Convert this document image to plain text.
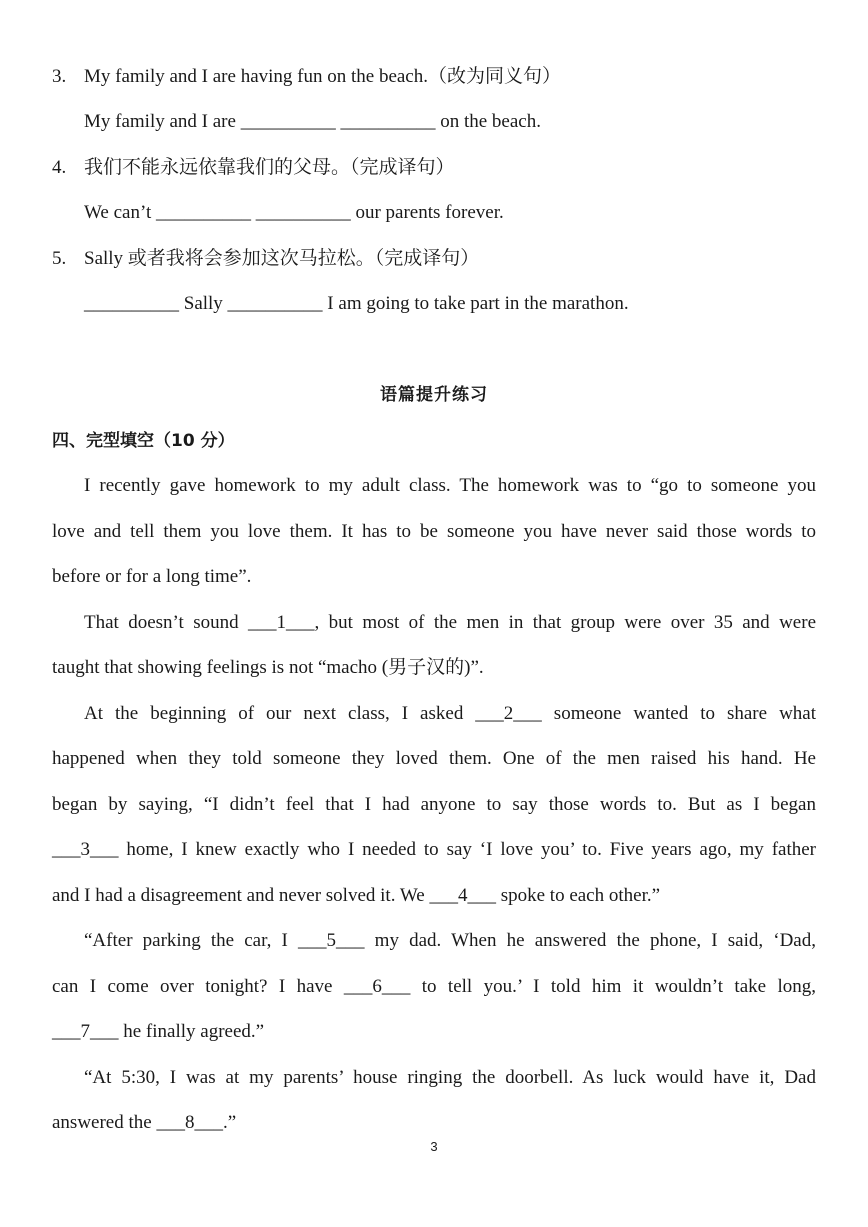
3. My family and I are having fun on the beach.（改为同义句）
My family and I are __________ __________ on the beach.
4. 我们不能永远依靠我们的父母。（完成译句）
We can’t __________ __________ our parents forever.
5. Sally 或者我将会参加这次马拉松。（完成译句）
__________ Sally __________ I am going to take part in the marathon.
语篇提升练习
四、完型填空（10 分）
I recently gave homework to my adult class. The homework was to “go to someone you
love and tell them you love them. It has to be someone you have never said those words to
before or for a long time”.
That doesn’t sound ___1___, but most of the men in that group were over 35 and were
taught that showing feelings is not “macho (男子汉的)”.
At the beginning of our next class, I asked ___2___ someone wanted to share what
happened when they told someone they loved them. One of the men raised his hand. He
began by saying, “I didn’t feel that I had anyone to say those words to. But as I began
___3___ home, I knew exactly who I needed to say ‘I love you’ to. Five years ago, my father
and I had a disagreement and never solved it. We ___4___ spoke to each other.”
“After parking the car, I ___5___ my dad. When he answered the phone, I said, ‘Dad,
can I come over tonight? I have ___6___ to tell you.’ I told him it wouldn’t take long,
___7___ he finally agreed.”
“At 5:30, I was at my parents’ house ringing the doorbell. As luck would have it, Dad
answered the ___8___.”
3
